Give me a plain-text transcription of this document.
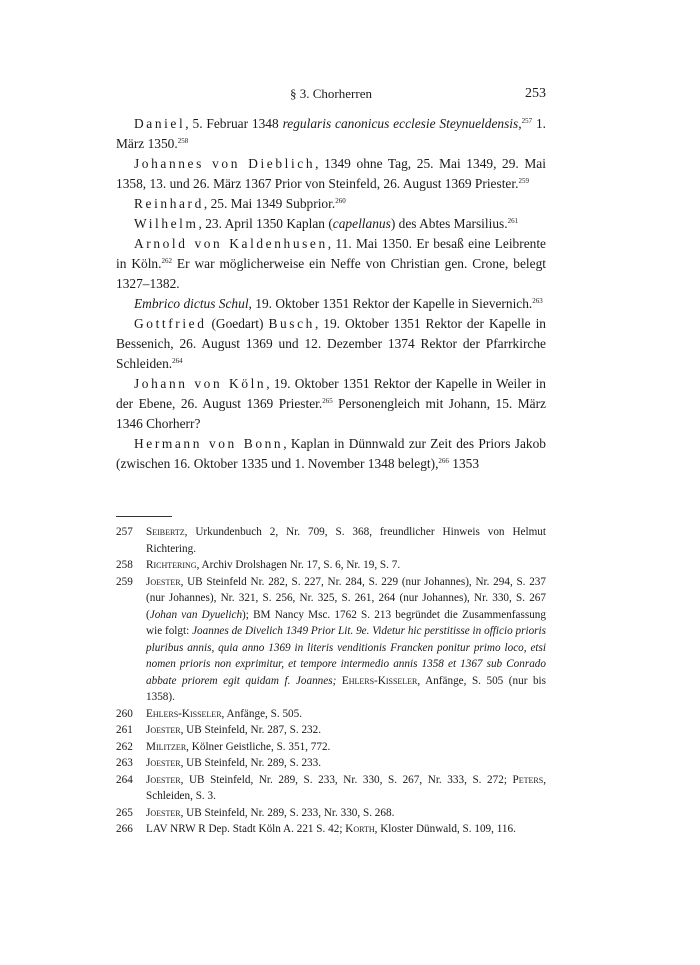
§ 3. Chorherren	253

Daniel, 5. Februar 1348 regularis canonicus ecclesie Steynueldensis,$^{257}$ 1. März 1350.$^{258}$

Johannes von Dieblich, 1349 ohne Tag, 25. Mai 1349, 29. Mai 1358, 13. und 26. März 1367 Prior von Steinfeld, 26. August 1369 Priester.$^{259}$

Reinhard, 25. Mai 1349 Subprior.$^{260}$

Wilhelm, 23. April 1350 Kaplan (capellanus) des Abtes Marsilius.$^{261}$

Arnold von Kaldenhusen, 11. Mai 1350. Er besaß eine Leibrente in Köln.$^{262}$ Er war möglicherweise ein Neffe von Christian gen. Crone, belegt 1327–1382.

Embrico dictus Schul, 19. Oktober 1351 Rektor der Kapelle in Sievernich.$^{263}$

Gottfried (Goedart) Busch, 19. Oktober 1351 Rektor der Kapelle in Bessenich, 26. August 1369 und 12. Dezember 1374 Rektor der Pfarrkirche Schleiden.$^{264}$

Johann von Köln, 19. Oktober 1351 Rektor der Kapelle in Weiler in der Ebene, 26. August 1369 Priester.$^{265}$ Personengleich mit Johann, 15. März 1346 Chorherr?

Hermann von Bonn, Kaplan in Dünnwald zur Zeit des Priors Jakob (zwischen 16. Oktober 1335 und 1. November 1348 belegt),$^{266}$ 1353

257	Seibertz, Urkundenbuch 2, Nr. 709, S. 368, freundlicher Hinweis von Helmut Richtering.
258	Richtering, Archiv Drolshagen Nr. 17, S. 6, Nr. 19, S. 7.
259	Joester, UB Steinfeld Nr. 282, S. 227, Nr. 284, S. 229 (nur Johannes), Nr. 294, S. 237 (nur Johannes), Nr. 321, S. 256, Nr. 325, S. 261, 264 (nur Johannes), Nr. 330, S. 267 (Johan van Dyuelich); BM Nancy Msc. 1762 S. 213 begründet die Zusammenfassung wie folgt: Joannes de Divelich 1349 Prior Lit. 9e. Videtur hic perstitisse in officio prioris pluribus annis, quia anno 1369 in literis venditionis Francken ponitur primo loco, etsi nomen prioris non exprimitur, et tempore intermedio annis 1358 et 1367 sub Conrado abbate priorem egit quidam f. Joannes; Ehlers-Kisseler, Anfänge, S. 505 (nur bis 1358).
260	Ehlers-Kisseler, Anfänge, S. 505.
261	Joester, UB Steinfeld, Nr. 287, S. 232.
262	Militzer, Kölner Geistliche, S. 351, 772.
263	Joester, UB Steinfeld, Nr. 289, S. 233.
264	Joester, UB Steinfeld, Nr. 289, S. 233, Nr. 330, S. 267, Nr. 333, S. 272; Peters, Schleiden, S. 3.
265	Joester, UB Steinfeld, Nr. 289, S. 233, Nr. 330, S. 268.
266	LAV NRW R Dep. Stadt Köln A. 221 S. 42; Korth, Kloster Dünwald, S. 109, 116.
